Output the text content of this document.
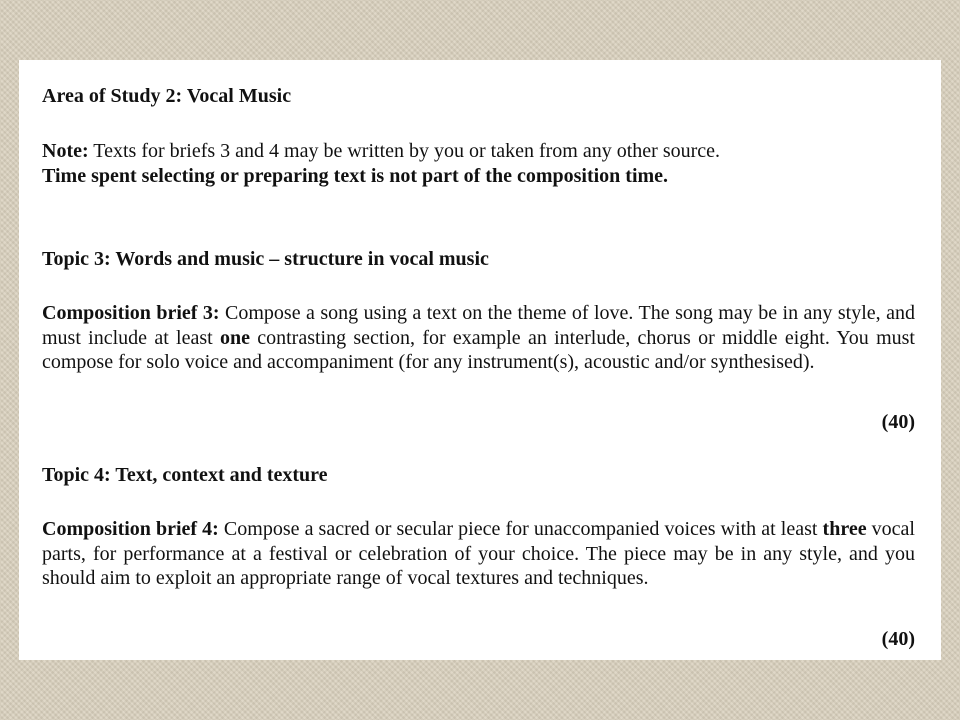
Area of Study 2: Vocal Music

Note: Texts for briefs 3 and 4 may be written by you or taken from any other source.
Time spent selecting or preparing text is not part of the composition time.

Topic 3: Words and music – structure in vocal music

Composition brief 3: Compose a song using a text on the theme of love. The song may be in any style, and must include at least one contrasting section, for example an interlude, chorus or middle eight. You must compose for solo voice and accompaniment (for any instrument(s), acoustic and/or synthesised).

(40)

Topic 4: Text, context and texture

Composition brief 4: Compose a sacred or secular piece for unaccompanied voices with at least three vocal parts, for performance at a festival or celebration of your choice. The piece may be in any style, and you should aim to exploit an appropriate range of vocal textures and techniques.

(40)
